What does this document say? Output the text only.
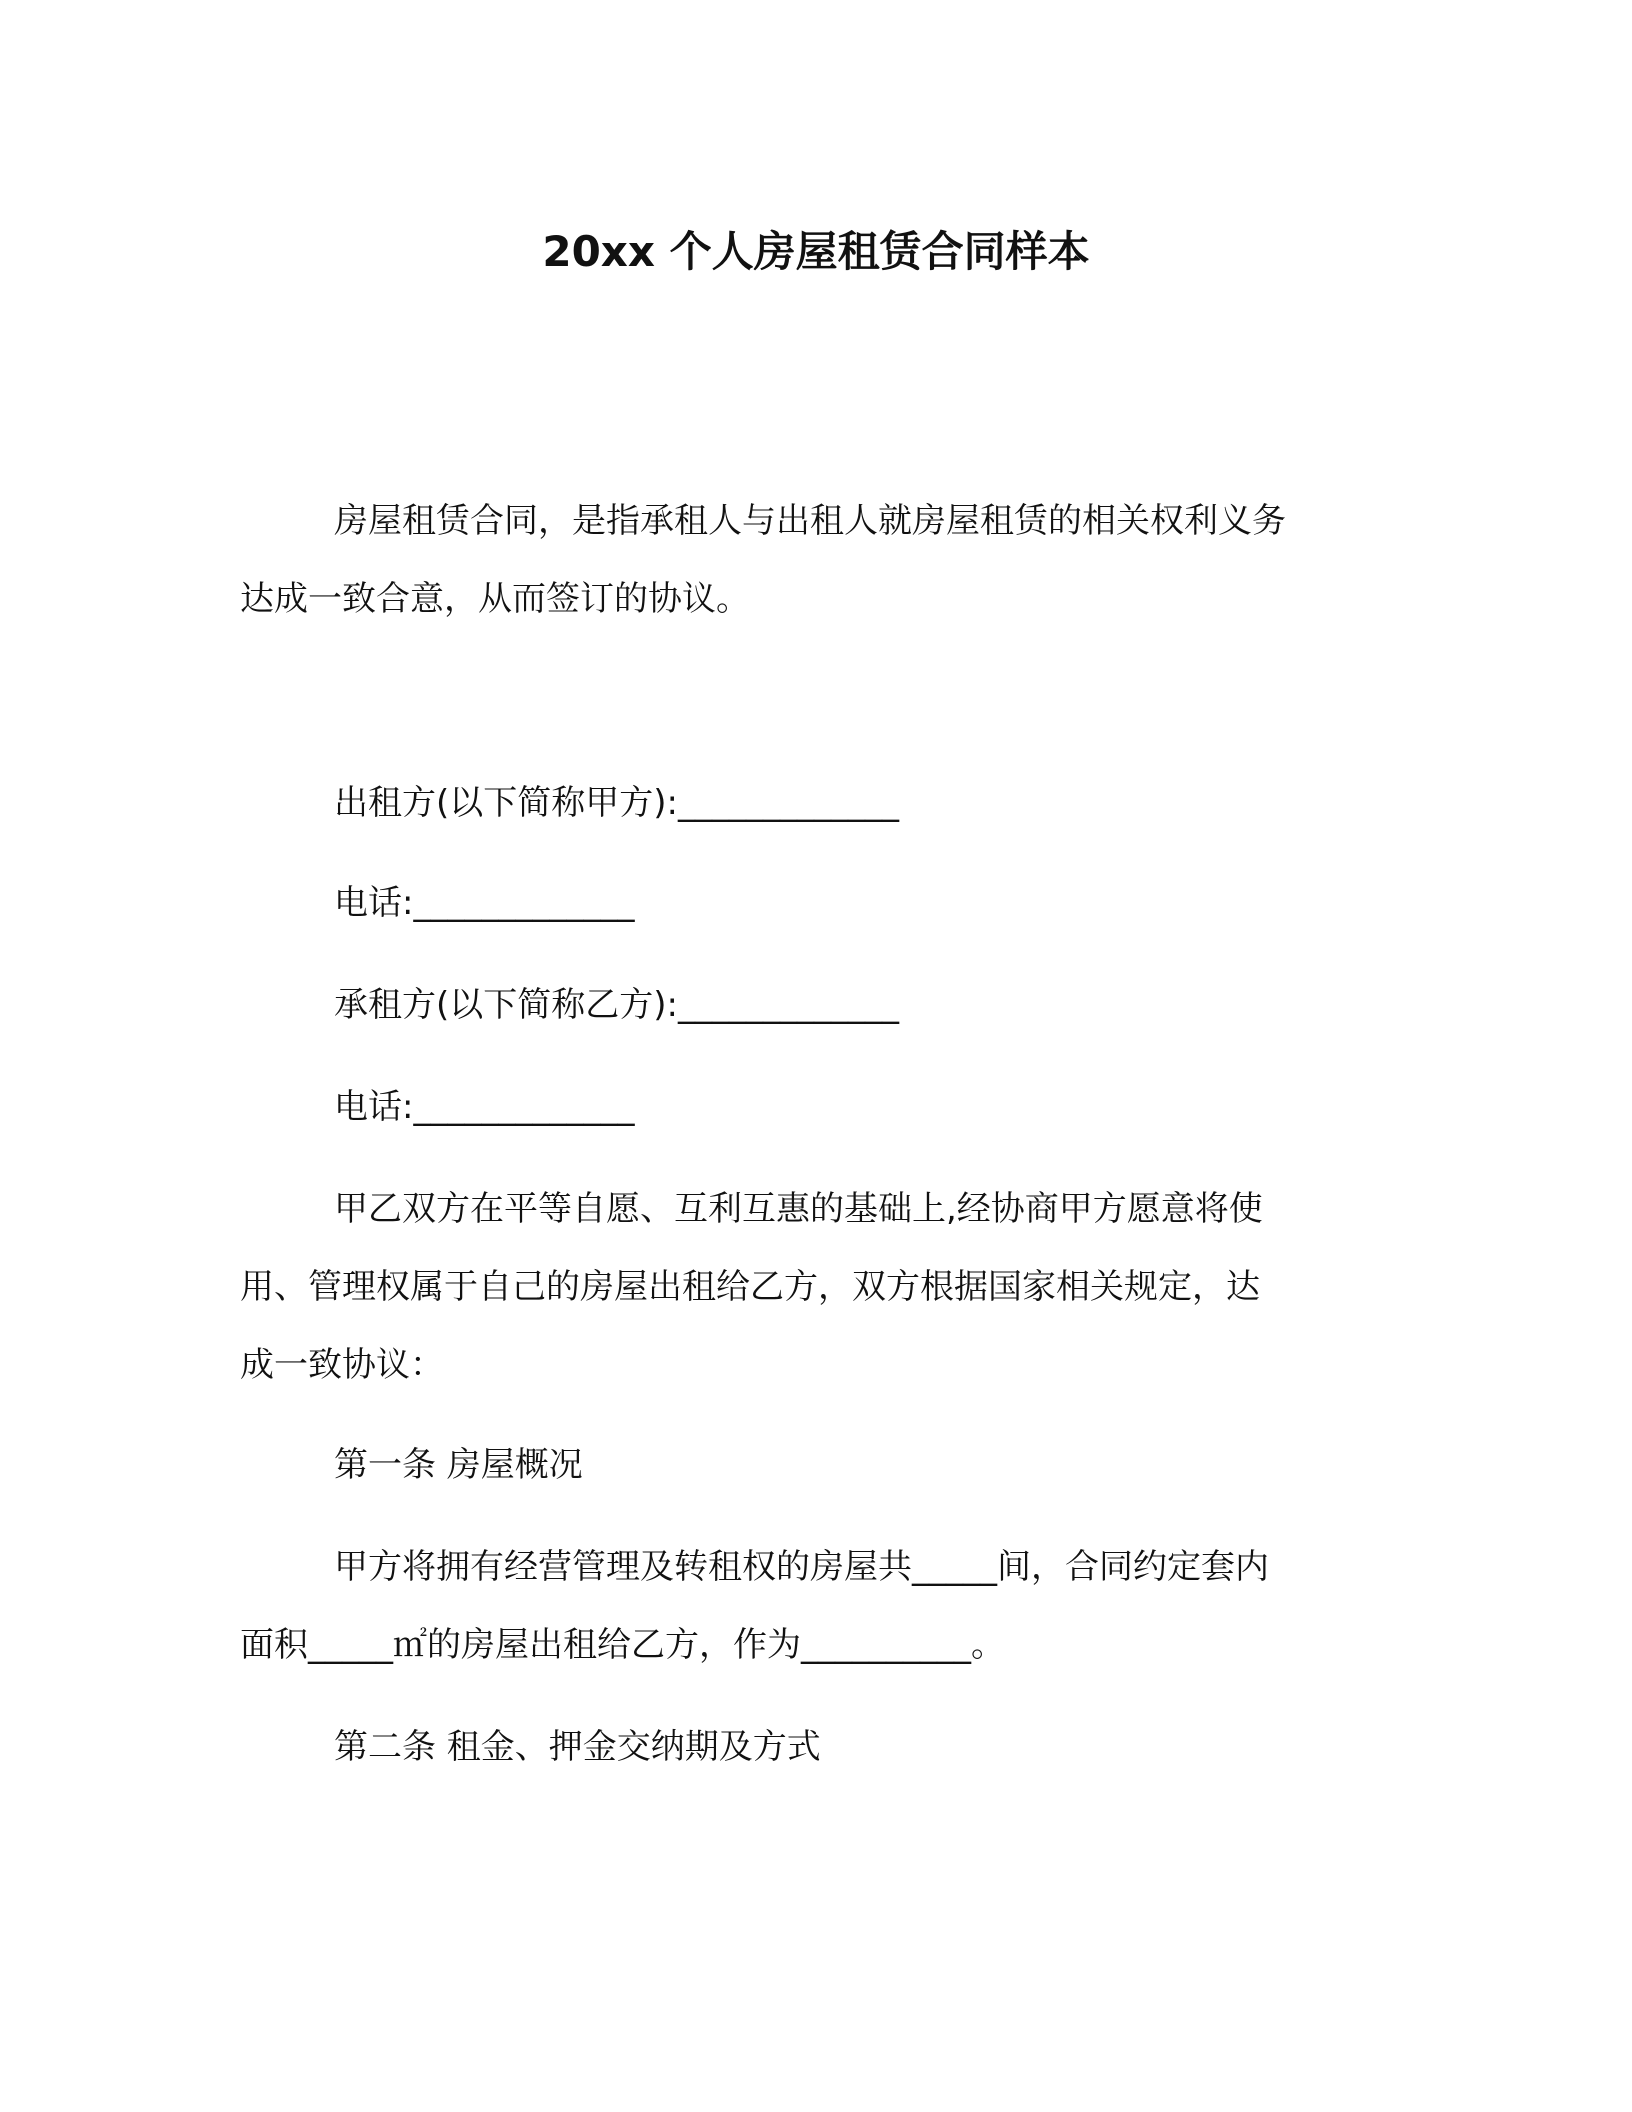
20xx 个人房屋租赁合同样本

房屋租赁合同，是指承租人与出租人就房屋租赁的相关权利义务
达成一致合意，从而签订的协议。

出租方(以下简称甲方):_____________

电话:_____________

承租方(以下简称乙方):_____________

电话:_____________

甲乙双方在平等自愿、互利互惠的基础上,经协商甲方愿意将使
用、管理权属于自己的房屋出租给乙方，双方根据国家相关规定，达
成一致协议：

第一条 房屋概况

甲方将拥有经营管理及转租权的房屋共_____间，合同约定套内
面积_____㎡的房屋出租给乙方，作为__________。

第二条 租金、押金交纳期及方式
